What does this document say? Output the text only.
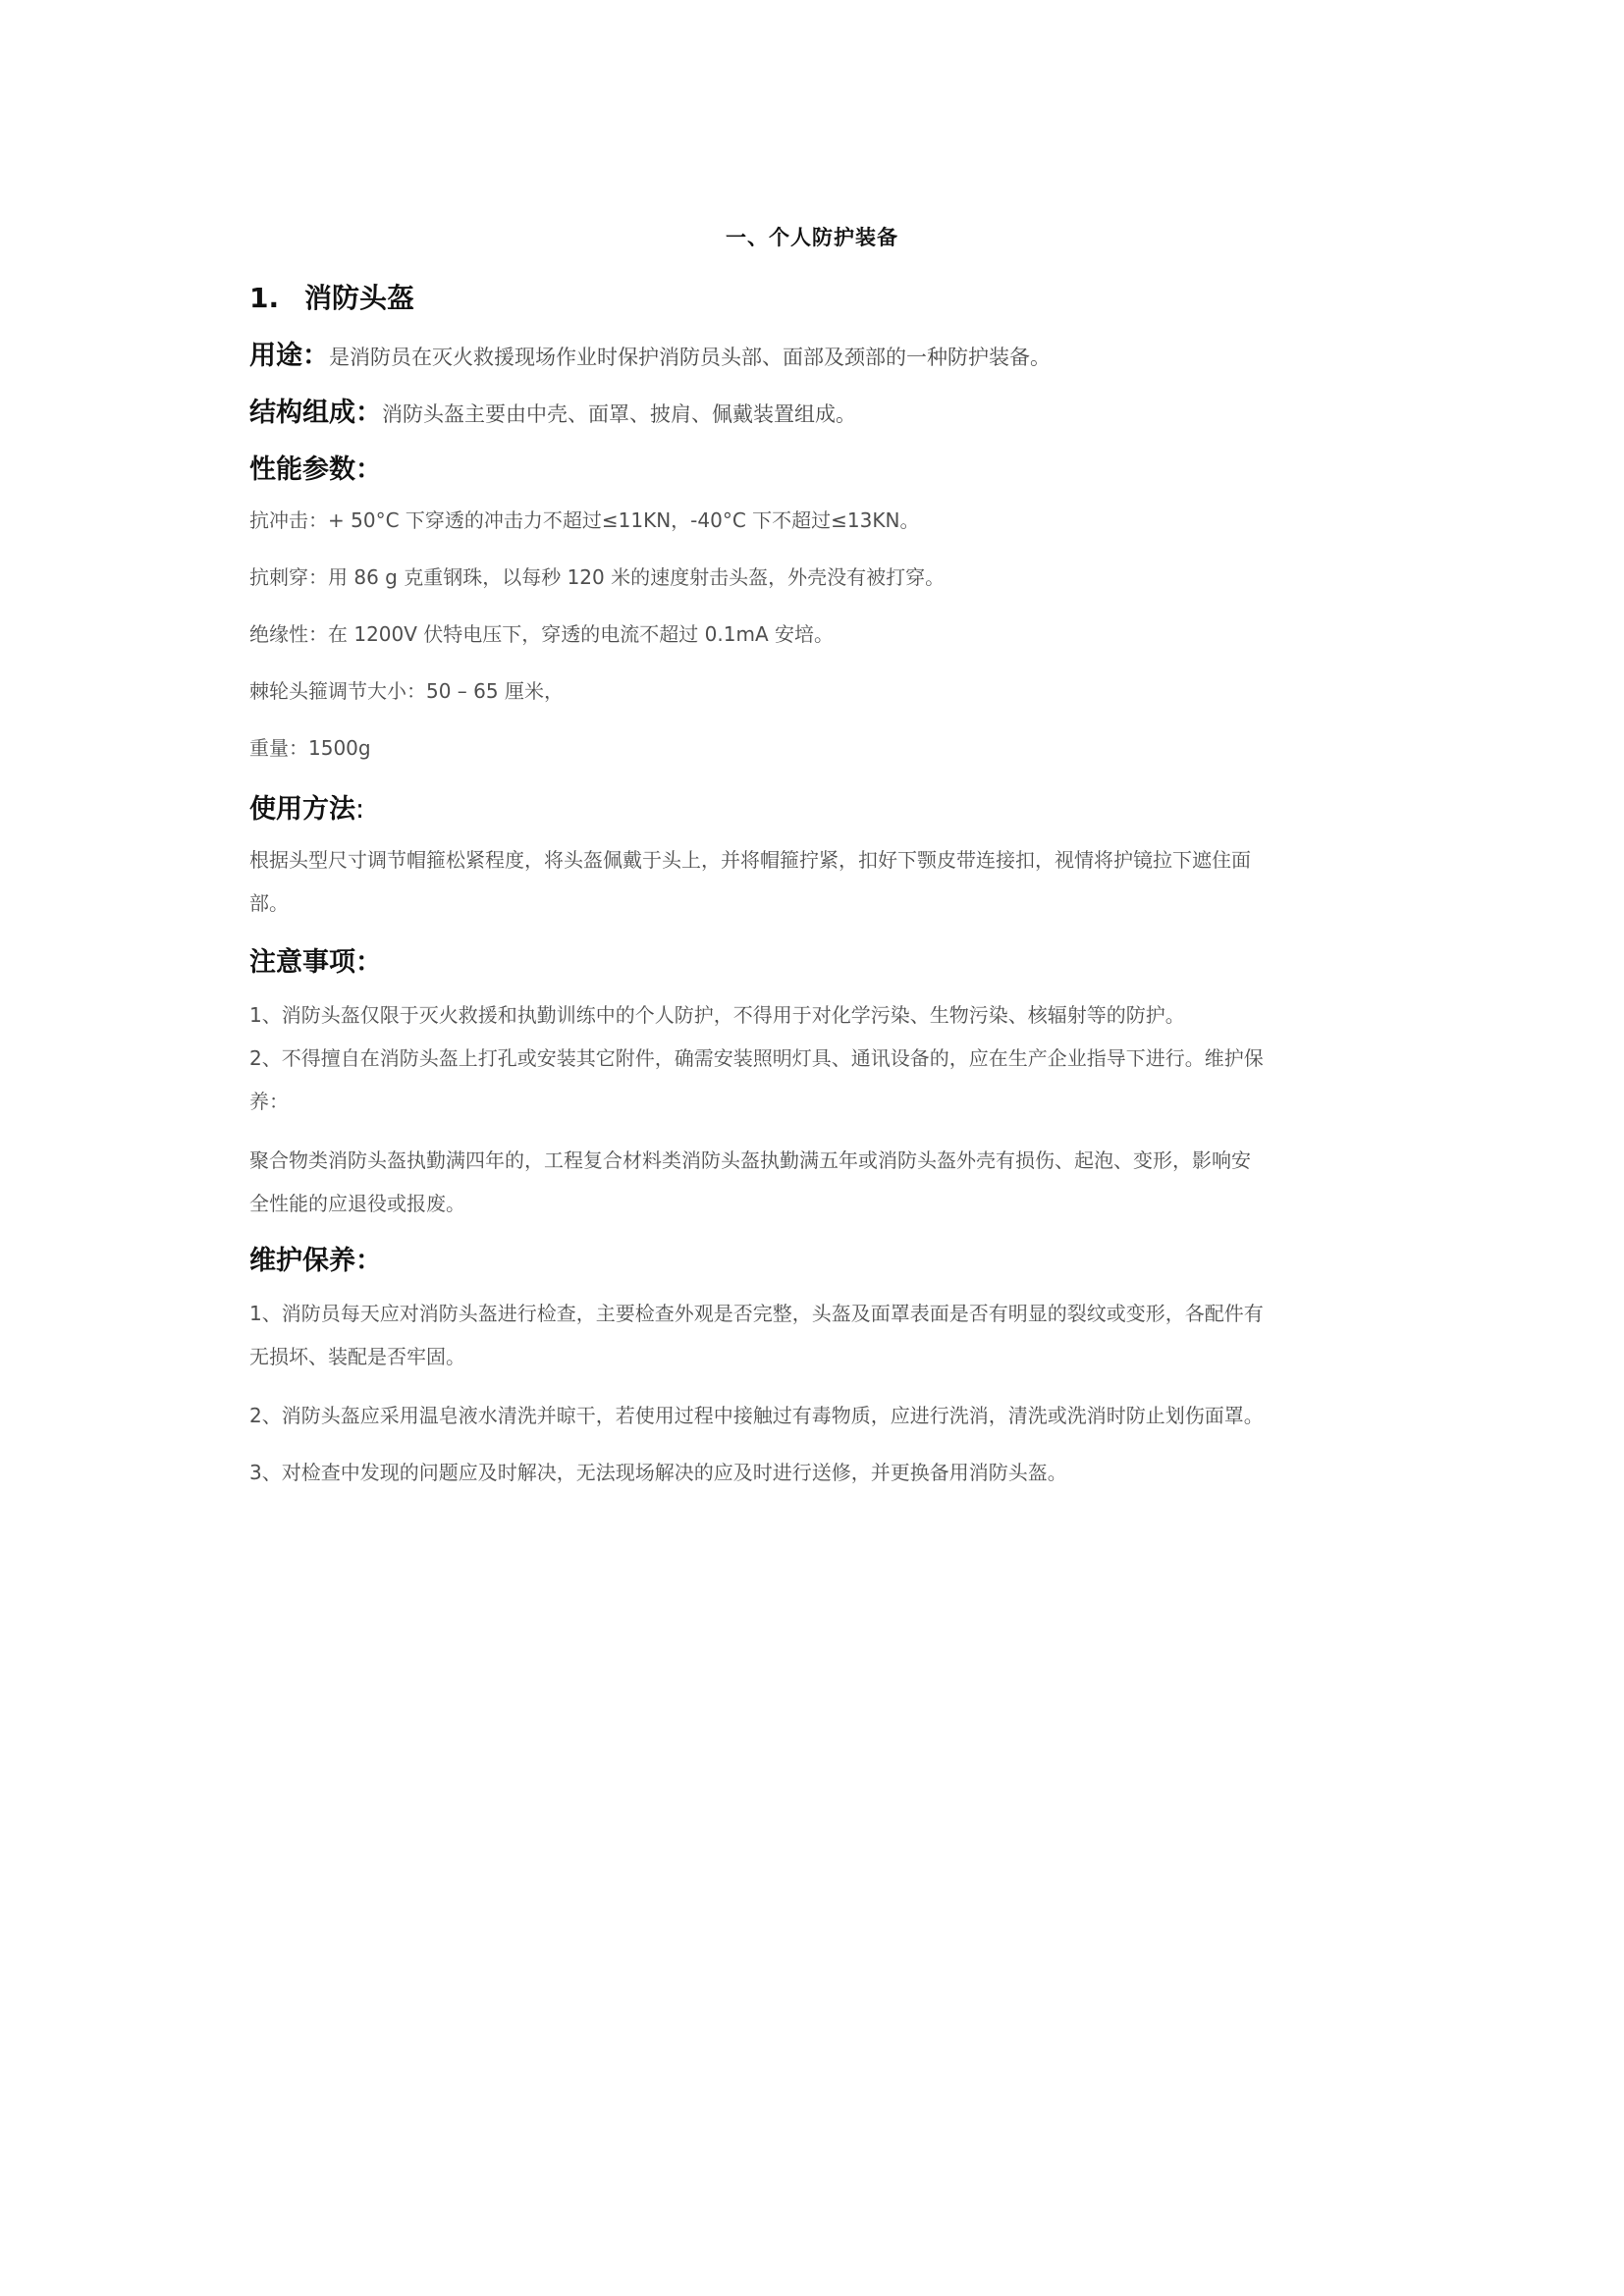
一、个人防护装备
1. 消防头盔
用途：是消防员在灭火救援现场作业时保护消防员头部、面部及颈部的一种防护装备。
结构组成：消防头盔主要由中壳、面罩、披肩、佩戴装置组成。
性能参数：
抗冲击：+ 50°C 下穿透的冲击力不超过≤11KN，-40°C 下不超过≤13KN。
抗刺穿：用 86 g 克重钢珠，以每秒 120 米的速度射击头盔，外壳没有被打穿。
绝缘性：在 1200V 伏特电压下，穿透的电流不超过 0.1mA 安培。
棘轮头箍调节大小：50 – 65 厘米，
重量：1500g
使用方法:
根据头型尺寸调节帽箍松紧程度，将头盔佩戴于头上，并将帽箍拧紧，扣好下颚皮带连接扣，视情将护镜拉下遮住面
部。
注意事项：
1、消防头盔仅限于灭火救援和执勤训练中的个人防护，不得用于对化学污染、生物污染、核辐射等的防护。
2、不得擅自在消防头盔上打孔或安装其它附件，确需安装照明灯具、通讯设备的，应在生产企业指导下进行。维护保
养：
聚合物类消防头盔执勤满四年的，工程复合材料类消防头盔执勤满五年或消防头盔外壳有损伤、起泡、变形，影响安
全性能的应退役或报废。
维护保养：
1、消防员每天应对消防头盔进行检查，主要检查外观是否完整，头盔及面罩表面是否有明显的裂纹或变形，各配件有
无损坏、装配是否牢固。
2、消防头盔应采用温皂液水清洗并晾干，若使用过程中接触过有毒物质，应进行洗消，清洗或洗消时防止划伤面罩。
3、对检查中发现的问题应及时解决，无法现场解决的应及时进行送修，并更换备用消防头盔。
